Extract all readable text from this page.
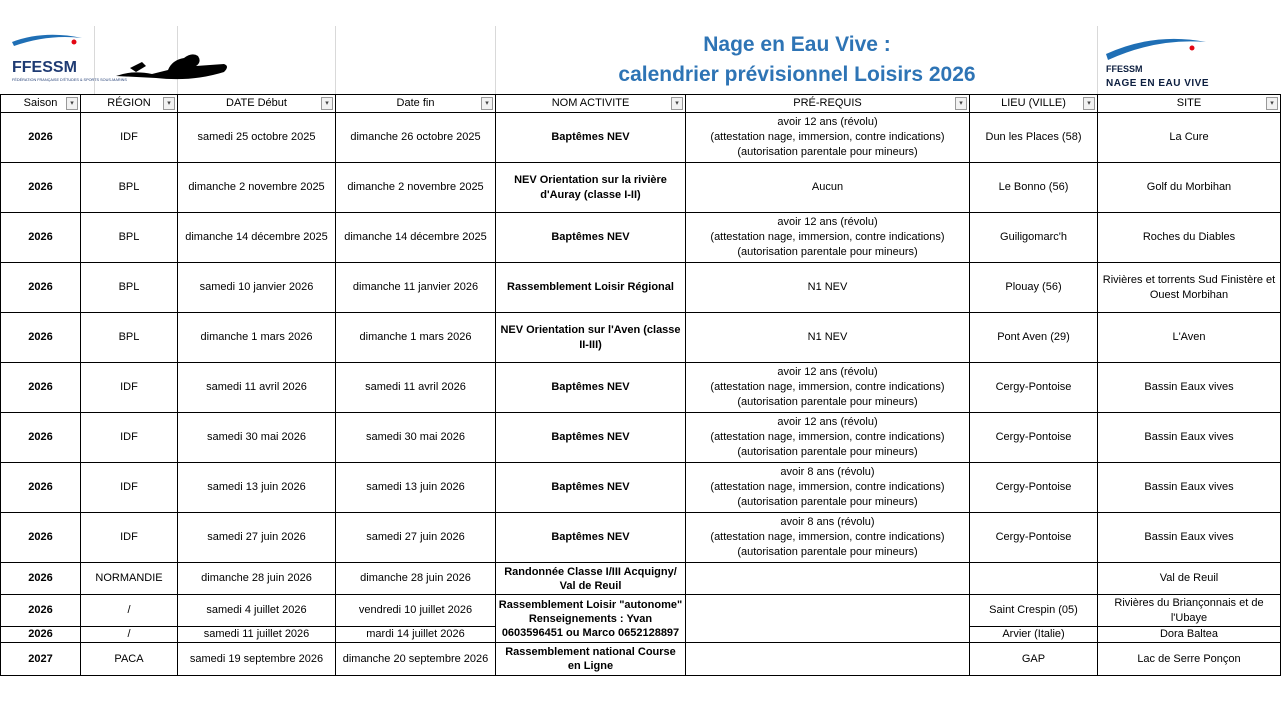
FFESSM
FÉDÉRATION FRANÇAISE D'ÉTUDES & SPORTS SOUS-MARINS
Nage en Eau Vive :
calendrier prévisionnel Loisirs 2026	FFESSM
NAGE EN EAU VIVE
Saison ▾	RÉGION ▾	DATE Début ▾	Date fin ▾	NOM ACTIVITE ▾	PRÉ-REQUIS ▾	LIEU (VILLE) ▾	SITE ▾

2026	IDF	samedi 25 octobre 2025	dimanche 26 octobre 2025	Baptêmes NEV	avoir 12 ans (révolu)
(attestation nage, immersion, contre indications)
(autorisation parentale pour mineurs)	Dun les Places (58)	La Cure
2026	BPL	dimanche 2 novembre 2025	dimanche 2 novembre 2025	NEV Orientation sur la rivière d'Auray (classe I-II)	Aucun	Le Bonno (56)	Golf du Morbihan
2026	BPL	dimanche 14 décembre 2025	dimanche 14 décembre 2025	Baptêmes NEV	avoir 12 ans (révolu)
(attestation nage, immersion, contre indications)
(autorisation parentale pour mineurs)	Guiligomarc'h	Roches du Diables
2026	BPL	samedi 10 janvier 2026	dimanche 11 janvier 2026	Rassemblement Loisir Régional	N1 NEV	Plouay (56)	Rivières et torrents Sud Finistère et Ouest Morbihan
2026	BPL	dimanche 1 mars 2026	dimanche 1 mars 2026	NEV Orientation sur l'Aven (classe II-III)	N1 NEV	Pont Aven (29)	L'Aven
2026	IDF	samedi 11 avril 2026	samedi 11 avril 2026	Baptêmes NEV	avoir 12 ans (révolu)
(attestation nage, immersion, contre indications)
(autorisation parentale pour mineurs)	Cergy-Pontoise	Bassin Eaux vives
2026	IDF	samedi 30 mai 2026	samedi 30 mai 2026	Baptêmes NEV	avoir 12 ans (révolu)
(attestation nage, immersion, contre indications)
(autorisation parentale pour mineurs)	Cergy-Pontoise	Bassin Eaux vives
2026	IDF	samedi 13 juin 2026	samedi 13 juin 2026	Baptêmes NEV	avoir 8 ans (révolu)
(attestation nage, immersion, contre indications)
(autorisation parentale pour mineurs)	Cergy-Pontoise	Bassin Eaux vives
2026	IDF	samedi 27 juin 2026	samedi 27 juin 2026	Baptêmes NEV	avoir 8 ans (révolu)
(attestation nage, immersion, contre indications)
(autorisation parentale pour mineurs)	Cergy-Pontoise	Bassin Eaux vives
2026	NORMANDIE	dimanche 28 juin 2026	dimanche 28 juin 2026	Randonnée Classe I/III Acquigny/ Val de Reuil			Val de Reuil
2026	/	samedi 4 juillet 2026	vendredi 10 juillet 2026	Rassemblement Loisir "autonome"
Renseignements : Yvan
0603596451 ou Marco 0652128897		Saint Crespin (05)	Rivières du Briançonnais et de l'Ubaye
2026	/	samedi 11 juillet 2026	mardi 14 juillet 2026			Arvier (Italie)	Dora Baltea
2027	PACA	samedi 19 septembre 2026	dimanche 20 septembre 2026	Rassemblement national Course en Ligne		GAP	Lac de Serre Ponçon
